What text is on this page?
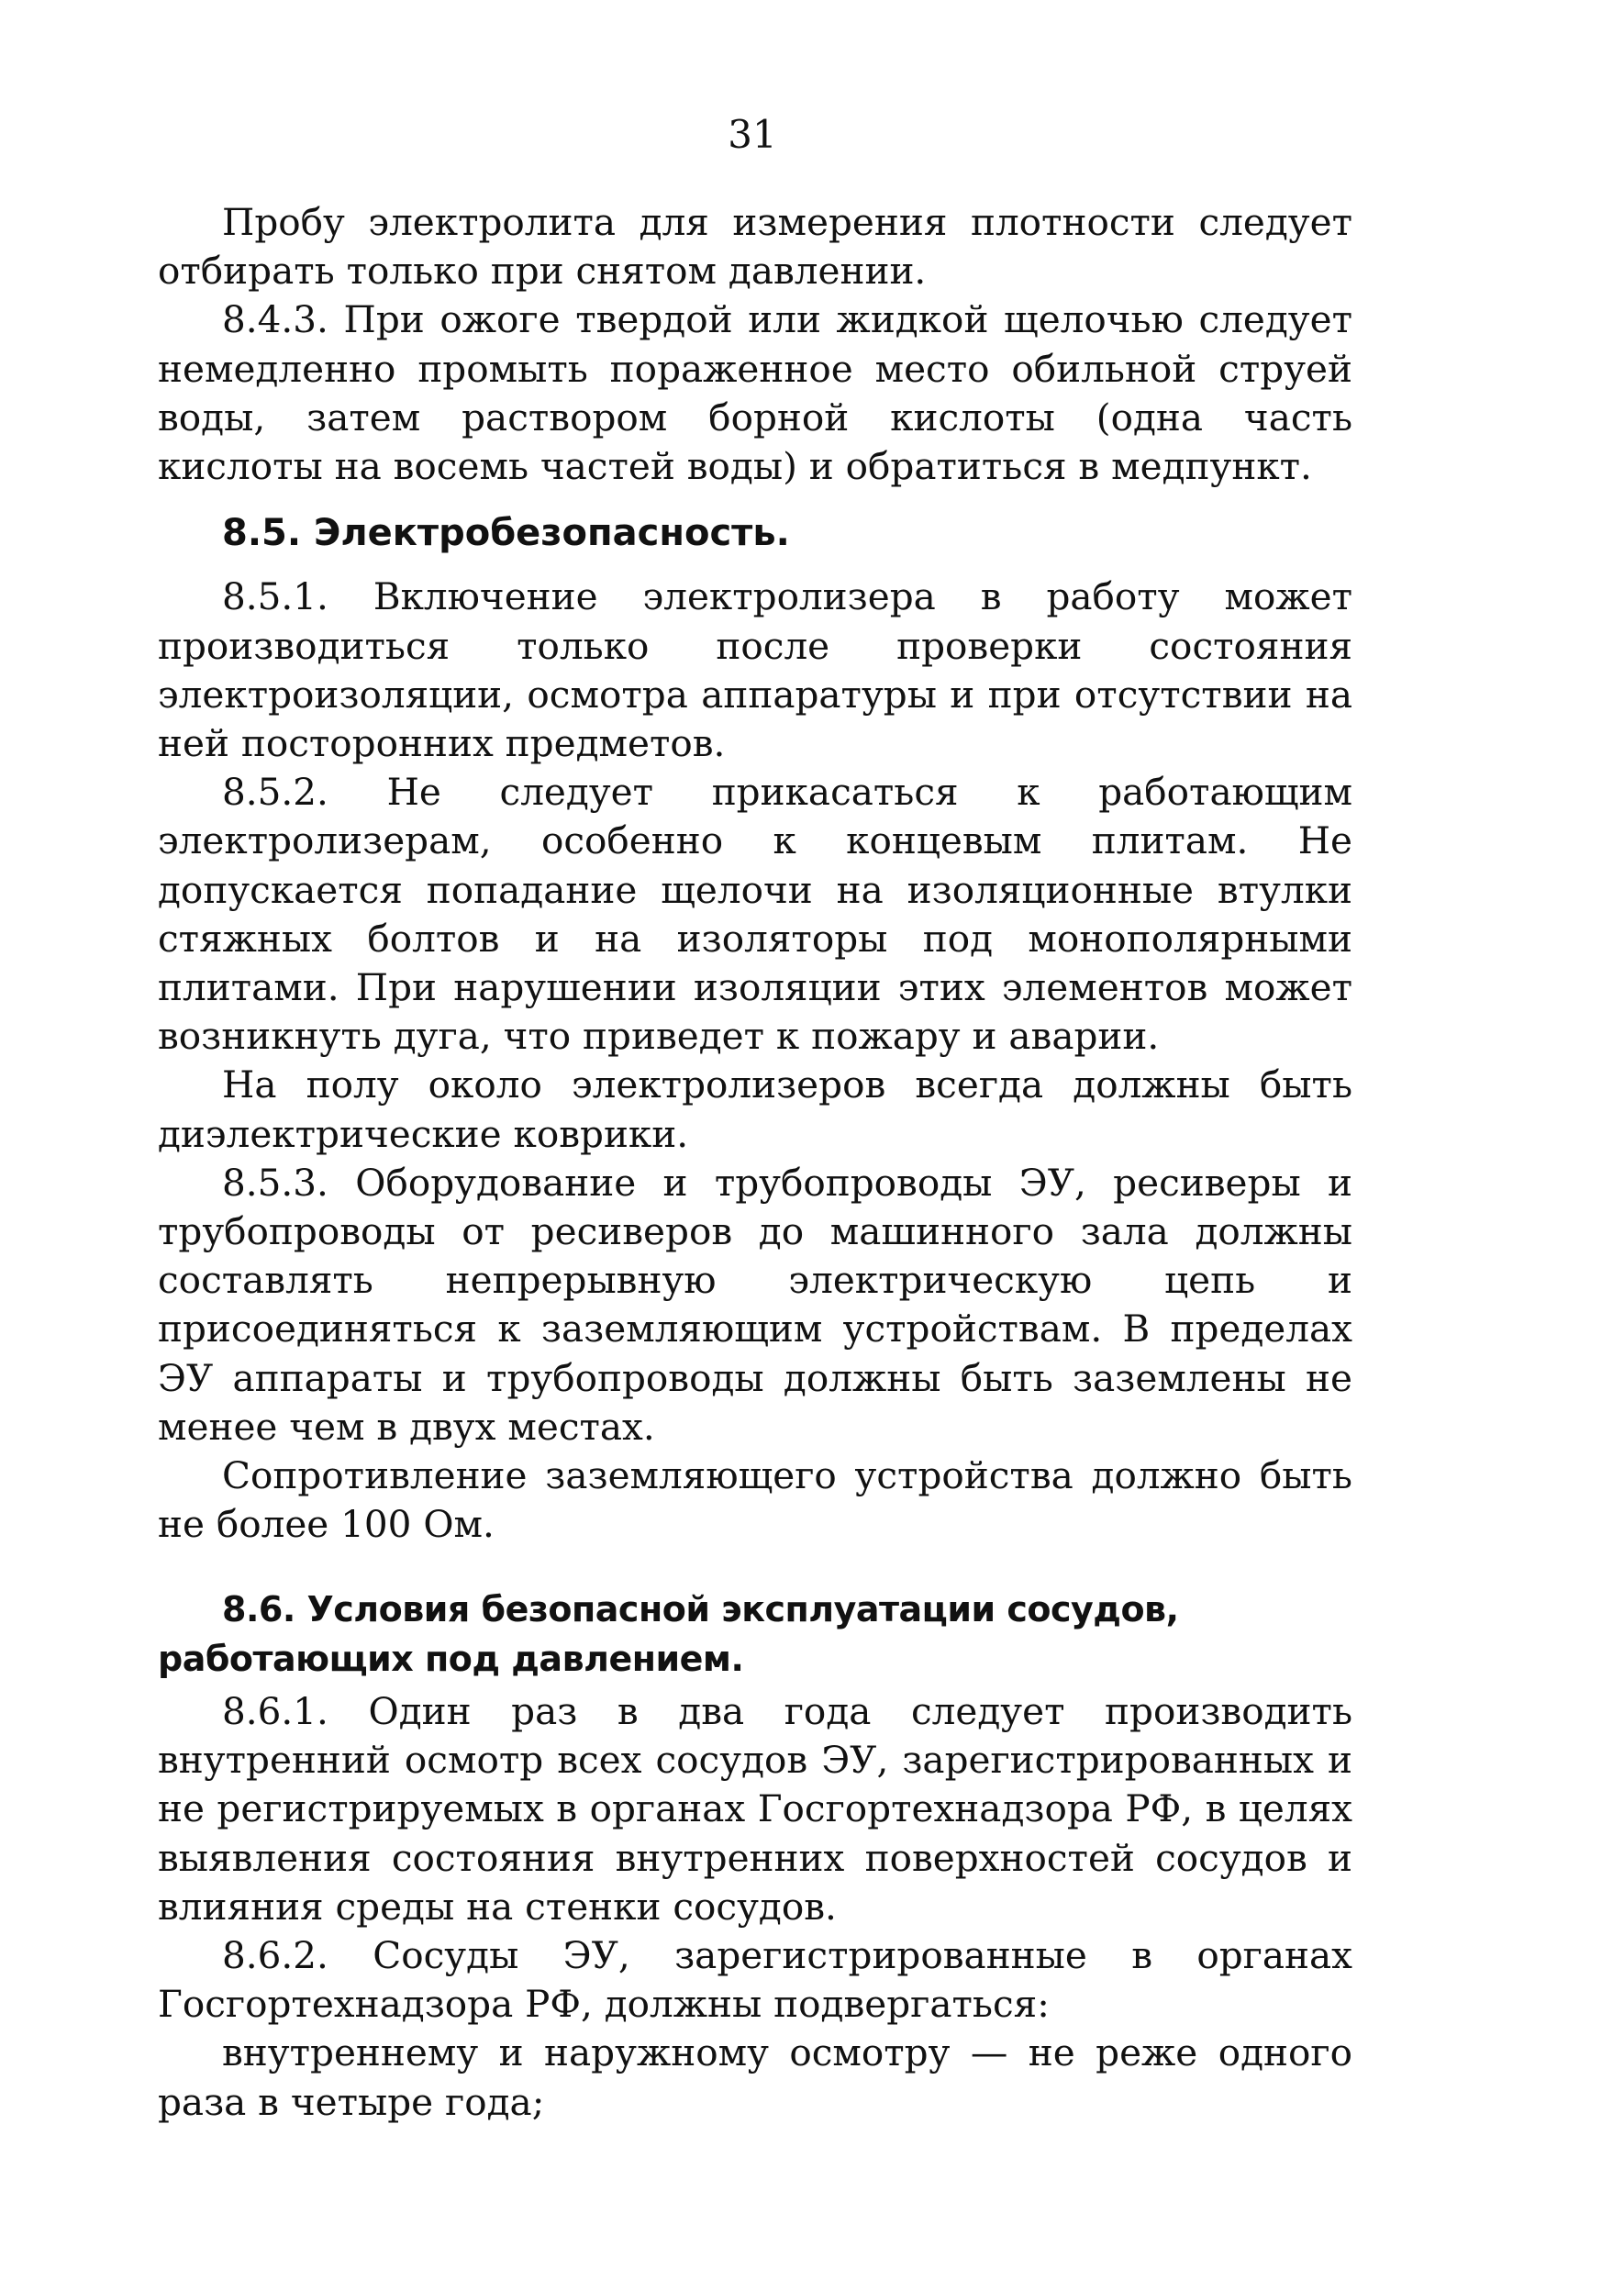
31

Пробу электролита для измерения плотности следует отбирать только при снятом давлении.

8.4.3. При ожоге твердой или жидкой щелочью следует немедленно промыть пораженное место обильной струей воды, затем раствором борной кислоты (одна часть кислоты на восемь частей воды) и обратиться в медпункт.

8.5. Электробезопасность.

8.5.1. Включение электролизера в работу может производиться только после проверки состояния электроизоляции, осмотра аппаратуры и при отсутствии на ней посторонних предметов.

8.5.2. Не следует прикасаться к работающим электролизерам, особенно к концевым плитам. Не допускается попадание щелочи на изоляционные втулки стяжных болтов и на изоляторы под монополярными плитами. При нарушении изоляции этих элементов может возникнуть дуга, что приведет к пожару и аварии.

На полу около электролизеров всегда должны быть диэлектрические коврики.

8.5.3. Оборудование и трубопроводы ЭУ, ресиверы и трубопроводы от ресиверов до машинного зала должны составлять непрерывную электрическую цепь и присоединяться к заземляющим устройствам. В пределах ЭУ аппараты и трубопроводы должны быть заземлены не менее чем в двух местах.

Сопротивление заземляющего устройства должно быть не более 100 Ом.

8.6. Условия безопасной эксплуатации сосудов, работающих под давлением.

8.6.1. Один раз в два года следует производить внутренний осмотр всех сосудов ЭУ, зарегистрированных и не регистрируемых в органах Госгортехнадзора РФ, в целях выявления состояния внутренних поверхностей сосудов и влияния среды на стенки сосудов.

8.6.2. Сосуды ЭУ, зарегистрированные в органах Госгортехнадзора РФ, должны подвергаться:

внутреннему и наружному осмотру — не реже одного раза в четыре года;
